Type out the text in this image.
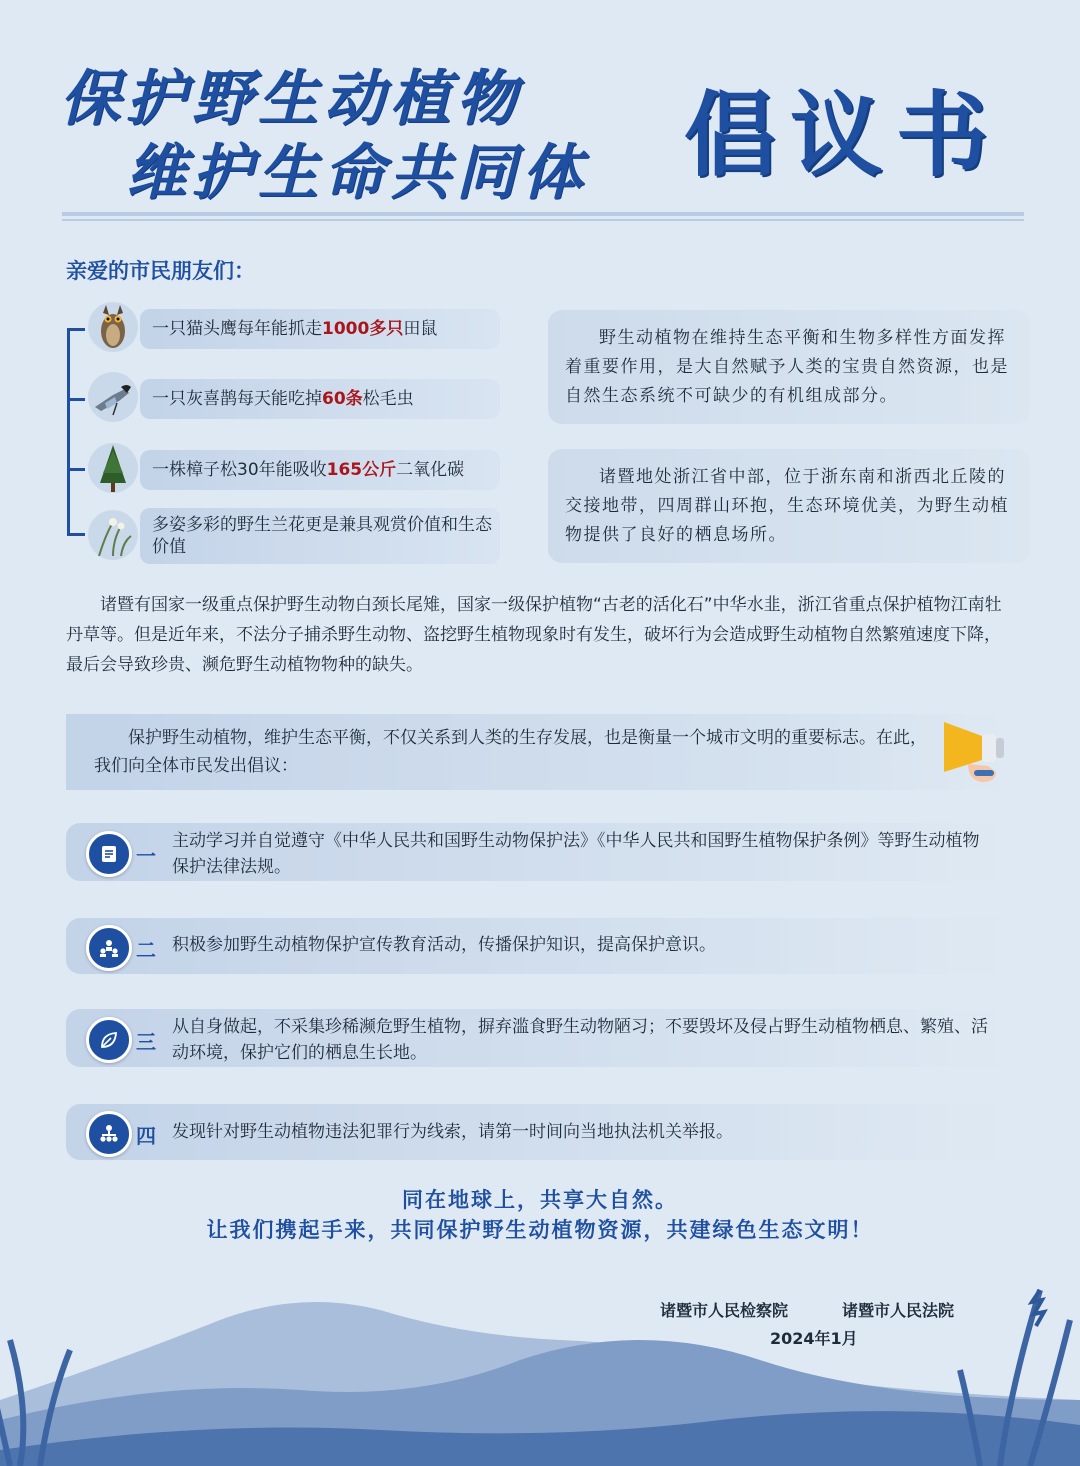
保护野生动植物
维护生命共同体 倡议书
亲爱的市民朋友们：
一只猫头鹰每年能抓走1000多只田鼠
一只灰喜鹊每天能吃掉60条松毛虫
一株樟子松30年能吸收165公斤二氧化碳
多姿多彩的野生兰花更是兼具观赏价值和生态价值

野生动植物在维持生态平衡和生物多样性方面发挥着重要作用，是大自然赋予人类的宝贵自然资源，也是自然生态系统不可缺少的有机组成部分。

诸暨地处浙江省中部，位于浙东南和浙西北丘陵的交接地带，四周群山环抱，生态环境优美，为野生动植物提供了良好的栖息场所。

诸暨有国家一级重点保护野生动物白颈长尾雉，国家一级保护植物“古老的活化石”中华水韭，浙江省重点保护植物江南牡丹草等。但是近年来，不法分子捕杀野生动物、盗挖野生植物现象时有发生，破坏行为会造成野生动植物自然繁殖速度下降，最后会导致珍贵、濒危野生动植物物种的缺失。

保护野生动植物，维护生态平衡，不仅关系到人类的生存发展，也是衡量一个城市文明的重要标志。在此，我们向全体市民发出倡议：

一

主动学习并自觉遵守《中华人民共和国野生动物保护法》《中华人民共和国野生植物保护条例》等野生动植物保护法律法规。

二 积极参加野生动植物保护宣传教育活动，传播保护知识，提高保护意识。

三

从自身做起，不采集珍稀濒危野生植物，摒弃滥食野生动物陋习；不要毁坏及侵占野生动植物栖息、繁殖、活动环境，保护它们的栖息生长地。

四 发现针对野生动植物违法犯罪行为线索，请第一时间向当地执法机关举报。

同在地球上，共享大自然。
让我们携起手来，共同保护野生动植物资源，共建绿色生态文明！
诸暨市人民检察院	诸暨市人民法院
2024年1月
